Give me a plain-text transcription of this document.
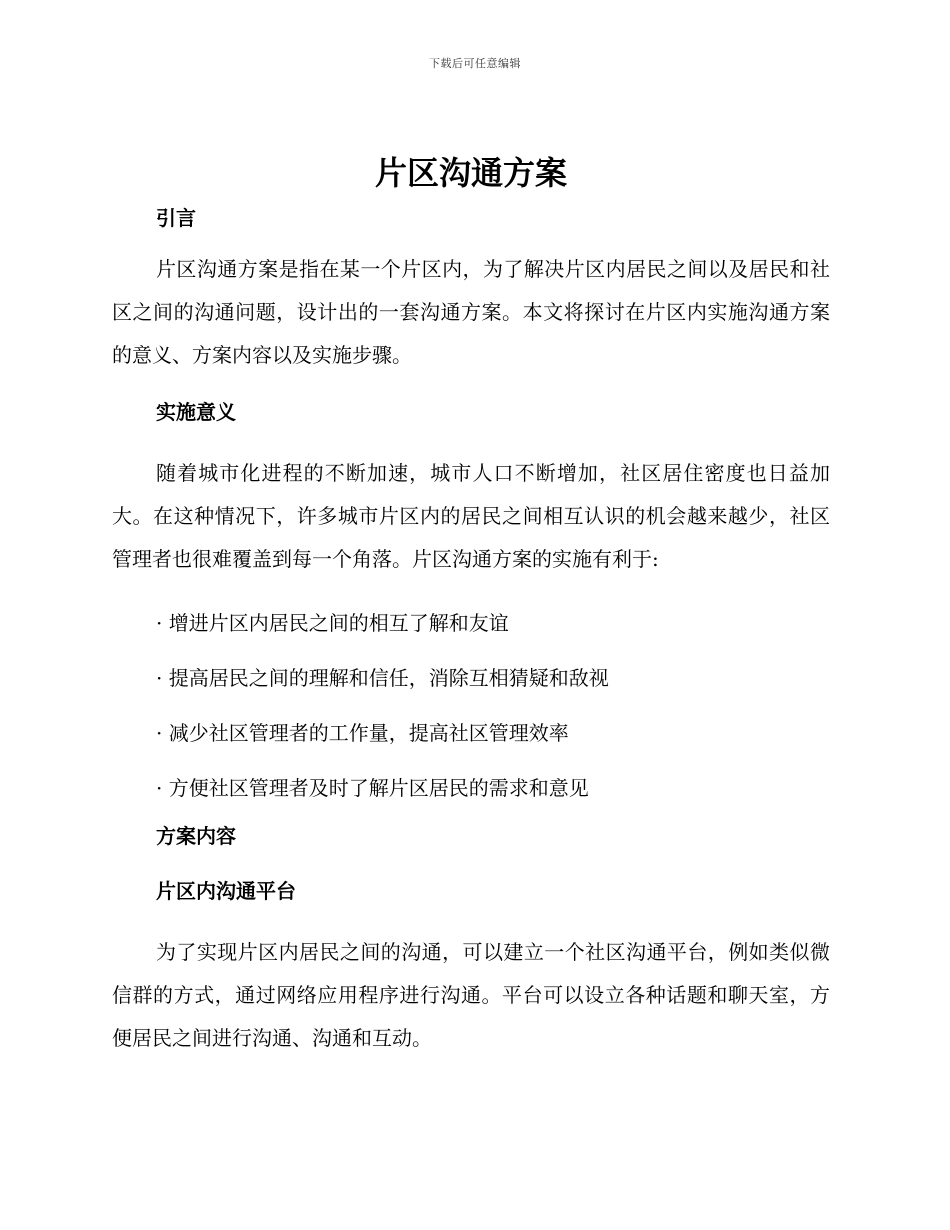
下载后可任意编辑
片区沟通方案
引言

片区沟通方案是指在某一个片区内，为了解决片区内居民之间以及居民和社区之间的沟通问题，设计出的一套沟通方案。本文将探讨在片区内实施沟通方案的意义、方案内容以及实施步骤。

实施意义

随着城市化进程的不断加速，城市人口不断增加，社区居住密度也日益加大。在这种情况下，许多城市片区内的居民之间相互认识的机会越来越少，社区管理者也很难覆盖到每一个角落。片区沟通方案的实施有利于:

· 增进片区内居民之间的相互了解和友谊

· 提高居民之间的理解和信任，消除互相猜疑和敌视

· 减少社区管理者的工作量，提高社区管理效率

· 方便社区管理者及时了解片区居民的需求和意见

方案内容
片区内沟通平台

为了实现片区内居民之间的沟通，可以建立一个社区沟通平台，例如类似微信群的方式，通过网络应用程序进行沟通。平台可以设立各种话题和聊天室，方便居民之间进行沟通、沟通和互动。
